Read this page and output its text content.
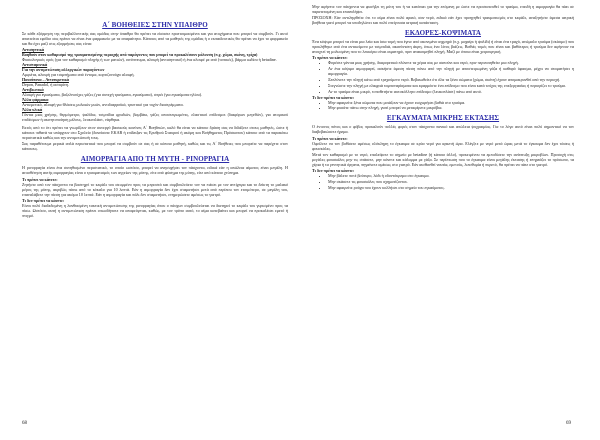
Α΄ ΒΟΗΘΕΙΕΣ ΣΤΗΝ ΥΠΑΙΘΡΟ

Σε κάθε εξόρμηση της περιβαλλοντικής σας ομάδας στην ύπαιθρο θα πρέπει να είσαστε προετοιμασμένοι και για ατυχήματα που μπορεί να συμβούν. Γι αυτό απαιτείται εφόδιο σας πρέπει να είναι ένα φαρμακείο με τα απαραίτητα. Κάποιος από τα μαθητές της ομάδας ή ο εκπαιδευτικός θα πρέπει να έχει το φαρμακείο και θα έχει μαζί στις εξορμήσεις σας είναι:

Αντισηπτικά

Βοηθούν στον καθαρισμό της τραυματισμένης περιοχής από παράγοντες που μπορεί να προκαλέσουν μόλυνση (π.χ. χώμα, σκόνη, τρίχα)

Φυσιολογικός ορός (για τον καθαρισμό πληγής ή των ματιών), οινόπνευμα, αλοιφή (αντισηπτικό) ή ένα αλοιφέ με από (τοπικές), βάμμα ιωδίου ή betadine.

Αντισταμινικά

Για την αντιμετώπιση αλλεργικών παραγόντων

Αμφιέτα, αλοιφή για τσιμπήματα από έντομα, κορτιζονούχα αλοιφή.

Παυσίπονα – Αντιπυρετικά

Depon, Panadol, ή ασπιρίνη.

Αντιβιωτικά

Αλοιφή για εγκαύματα, βαζελινούχες γάζες (για συνεχή τραύματα, εγκαύματα), σπρέι (για εγκαύματα ηλίου).

Άλλα φάρμακα

Αντιεμετικό, αλοιφή για θλάσεις μυλαιών μυών, αντιδιαρροϊκά, τρυπτικό για τυχόν διαστρέμματα.

Άλλα υλικά

Γάντια μιας χρήσης, θερμόμετρο, ψαλίδια, τσιμπίδια φρυδιών, βαμβάκι, γάζες αποστειρωμένες, ελαστικοί επίδεσμοι (διαφόρων μεγεθών), για ατομικού επιδέσμων ή ακινητοποίηση μέλους, λευκοπλάστ, νάρθηκα.

Εκτός από το ότι πρέπει να γνωρίζουν στον συνεργό βασικούς κανόνες Α΄ Βοηθειών, καλό θα είναι να κάποιο δράση σας να διδάξετε στους μαθητές, ώστε ή κάποιοι πιθανά να υπάρχουν στο Σχολείο (δανείσατε ΕΚΑΒ ή επίδειξαν τις Ερυθρού Σταυρού ή ακόμη και Βοήθηματος Πρόσκοπου) κάποιο από τα παρακάτω περιστατικά καθώς και την αντιμετώπισή τους.

Σας παραθέτουμε μερικά απλά περιστατικά που μπορεί να συμβούν σε σας ή σε κάποιο μαθητή, καθώς και τις Α΄ Βοήθειες που μπορείτε να παρέχετε στον κάποιους.

ΑΙΜΟΡΡΑΓΙΑ ΑΠΟ ΤΗ ΜΥΤΗ - ΡΙΝΟΡΡΑΓΙΑ

Η ρινορραγία είναι ένα συνηθισμένο περιστατικό, το οποίο ωστόσο, μπορεί να ανησυχήσει τον πάσχοντα, ειδικά εάν η απώλεια αίματος είναι μεγάλη. Η αιτιοθέτηση αυτής αιμορραγίας είναι ο τραυματισμός των αγγείων της μύτης, είτε από φύσημα της μύτης, είτε από κάποιο χτύπημα.

Τι πρέπει να κάνετε:

Ζητήστε από τον πάσχοντα να βαστηχεί το κεφάλι του σκυμμένο προς τα μπροστά και συμβουλεύετε τον να πιέσει με τον αντίχειρα και το δείκτη το μαλακό μέρος της μύτης, ακριβώς πάνω από το κόκαλο για 10 λεπτά. Εάν η αιμορραγία δεν έχει σταματήσει μετά από περίπου τον ετοιμότερο, σε μεγάλη του, επαναλάβετε την πίεση για ακόμα 10 λεπτά. Εάν η αιμορραγία και πάλι δεν σταματήσει, ενημερώσετε αμέσως το γιατρό.

Τι δεν πρέπει να κάνετε:

Είναι πολύ διαδεδομένη η λανθασμένη τακτική αντιμετώπισης της ρινορραγίας όπου ο πάσχων συμβουλεύεται να διατηρεί το κεφάλι του γυρισμένο προς τα πίσω. Ωστόσο, αυτή η αντιμετώπιση πρέπει οπωσδήποτε να αποφεύγεται, καθώς, με τον τρόπο αυτό, το αίμα κατεβαίνει και μπορεί να προκαλέσει εμετό ή πνιγμό.

Μην αφήνετε τον πάσχοντα να φυσήξει τη μύτη του ή να κατάπιει για την επόμενη με ώστε να προστατευθεί το τραύμα, επειδή η αιμορραγία θα πάει σε παρατεταμένη και επαναλήψει.

ΠΡΟΣΟΧΗ: Εάν αντιληφθείτε ότι το αίμα είναι πολύ αραιό, σαν νερό, ειδικά εάν έχει προηγηθεί τραυματισμός στο κεφάλι, αναζητήστε άμεσα ιατρική βοήθεια γιατί μπορεί να υποδηλώνει και πολύ επείγουσα ιατρική κατάσταση.

ΕΚΔΟΡΕΣ-ΚΟΨΙΜΑΤΑ

Ένα κόψιμο μπορεί να είναι μια λεία και ίσια τομή που έγινε από ακονιμένο αιχμηρό (π.χ. μαχαίρι ή ψαλίδι) ή είναι ένα τραχύ, ανώμαλο τραύμα (σκίσιμο) που προκλήθηκε από ένα αντικείμενο με τσιμπιδιά, ακανόνιστη άκρη, όπως ένα λίνος βιάζεις. Βαθιές τομές που είναι και βαθύτερες ή τραύμα δεν αφήνουν να ανοιχτεί τη μολυσμένη που το λευκόριο είναι αιματηρό, πριν ανακοιμηθεί πληγή. Μαζί με όποια είναι χειρουργική.

Τι πρέπει να κάνετε:

• Φορέστε γάντια μιας χρήσης, διαφορετικά πλύνετε τα χέρια σας με σαπούνι και νερό, πριν περιποιηθείτε μια πληγή.
• Αν ένα κόψιμο αιμορραγεί, ασκήστε άμεση πίεση πάνω από την πληγή με αποστειρωμένη γάζα ή καθαρό ύφασμα, μέχρι να σταματήσει η αιμορραγία.
• Ξεπλύνετε την πληγή κάτω από τρεχούμενο νερό. Βεβαιωθείτε ότι όλα τα ξένα σώματα (χώμα, σκόνη) έχουν απομακρυνθεί από την περιοχή.
• Στεγνώστε την πληγή με ελαφριά ταμποναρίσματα και εφαρμόστε ένα επίδεσμο που είναι κατά τεύχος της επεξεργασίας ή περιορίζει το τραύμα.
• Αν το τραύμα είναι μικρό, τοποθετήστε αυτοκόλλητο επίδεσμο (λευκοπλάστ) πάνω από αυτό.

Τι δεν πρέπει να κάνετε:

• Μην αφαιρείτε ξένα σώματα που μοιάζουν να έχουν εισχωρήσει βαθιά στο τραύμα.
• Μην φυσάτε πάνω στην πληγή, γιατί μπορεί να μεταφέρετε μικρόβια.
ΕΓΚΑΥΜΑΤΑ ΜΙΚΡΗΣ ΕΚΤΑΣΗΣ

Ο έντονος πόνος και ο φόβος προκαλούν πολλές φορές στον πάσχοντα πανικό και απώλεια ψυχραιμίας. Για το λόγο αυτό είναι πολύ σημαντικό να τον διαβεβαιώσετε ήρεμα.

Τι πρέπει να κάνετε:

Οφείλετε να τον βυθίσετε αμέσως ολόκληρη το έγκαυμα σε κρύο νερό για αρκετή ώρα. Ελέγξτε με νερό μετά ώρας μετά το έγκαυμα δεν έχει τάσεις ή φουσκάλες.

Μετά τον καθαρισμό με το νερό, επαλείψετε το σημείο με betadine (ή κάποιο άλλο), προκειμένου να εμποδίσετε την ανάπτυξη μικροβίων. Προσοχή στις μεγάλες φουσκάλες μην τις σπάσετε, μην κάνετε και κάλυμμα με γάζα. Σε περίπτωση που το έγκαυμα είναι μεγάλης έκτασης ή επηρεάζει το πρόσωπο, τα χέρια ή τα γεννητικά όργανα, πηγαίνετε αμέσως στο γιατρό. Εάν αισθανθεί ναυτία, εμετούς, λιποθυμία ή πυρετό, θα πρέπει να πάτε στο γιατρό.

Τι δεν πρέπει να κάνετε:

• Μην βάλετε ποτέ βούτυρο, λάδι ή οδοντόκρεμα στο έγκαυμα.
• Μην σκάσετε τις φουσκάλες που σχηματίζονται.
• Μην αφαιρείτε ρούχα που έχουν κολλήσει στο σημείο του εγκαύματος.
68	69
